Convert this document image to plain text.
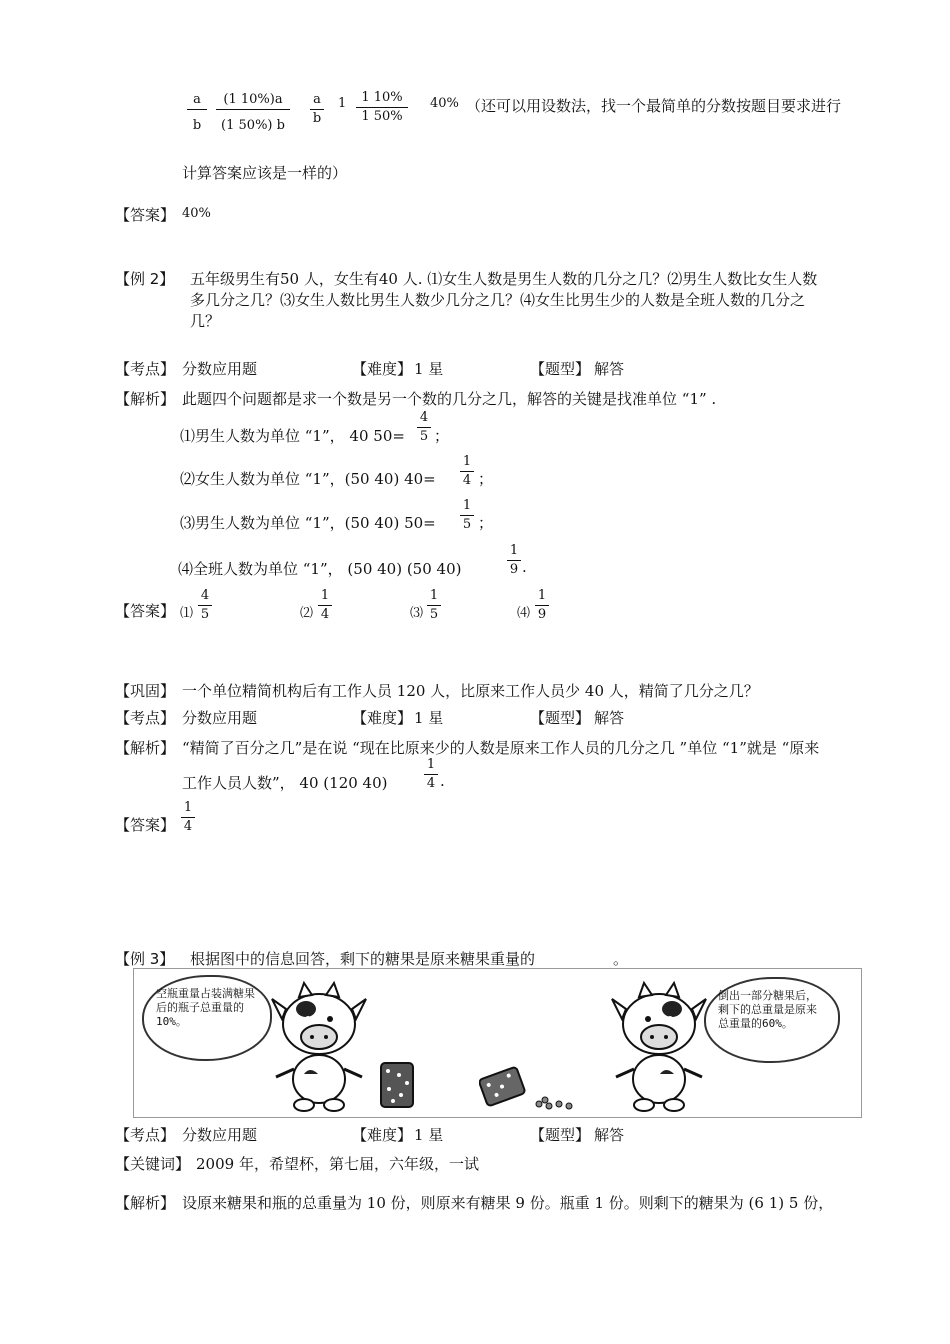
a
b
(1 10%)a
(1 50%) b
a
b
1	1 10%
1 50%
40% （还可以用设数法，找一个最简单的分数按题目要求进行
计算答案应该是一样的）
【答案】 40%
【例 2】 五年级男生有50 人，女生有40 人. ⑴女生人数是男生人数的几分之几？⑵男生人数比女生人数
多几分之几？⑶女生人数比男生人数少几分之几？⑷女生比男生少的人数是全班人数的几分之
几？
【考点】 分数应用题	【难度】 1 星	【题型】 解答
【解析】 此题四个问题都是求一个数是另一个数的几分之几，解答的关键是找准单位 “1” .
⑴男生人数为单位 “1”， 40 50=
4
5 ；
⑵女生人数为单位 “1”，(50 40) 40=
1
4 ；
⑶男生人数为单位 “1”，(50 40) 50=
1
5 ；
⑷全班人数为单位 “1”， (50 40) (50 40)
1
9 .
【答案】 ⑴
4
5	⑵
1
4	⑶
1
5	⑷
1
9
【巩固】 一个单位精简机构后有工作人员 120 人，比原来工作人员少 40 人，精简了几分之几？
【考点】 分数应用题	【难度】 1 星	【题型】 解答
【解析】 “精简了百分之几”是在说 “现在比原来少的人数是原来工作人员的几分之几 ”单位 “1”就是 “原来
工作人员人数”， 40 (120 40)
1
4 .
【答案】
1
4
【例 3】 根据图中的信息回答，剩下的糖果是原来糖果重量的	。
空瓶重量占装满糖果后的瓶子总重量的10%。
倒出一部分糖果后，剩下的总重量是原来总重量的60%。
【考点】 分数应用题	【难度】 1 星	【题型】 解答
【关键词】 2009 年，希望杯，第七届，六年级，一试
【解析】 设原来糖果和瓶的总重量为 10 份，则原来有糖果 9 份。瓶重 1 份。则剩下的糖果为 (6 1) 5 份，
